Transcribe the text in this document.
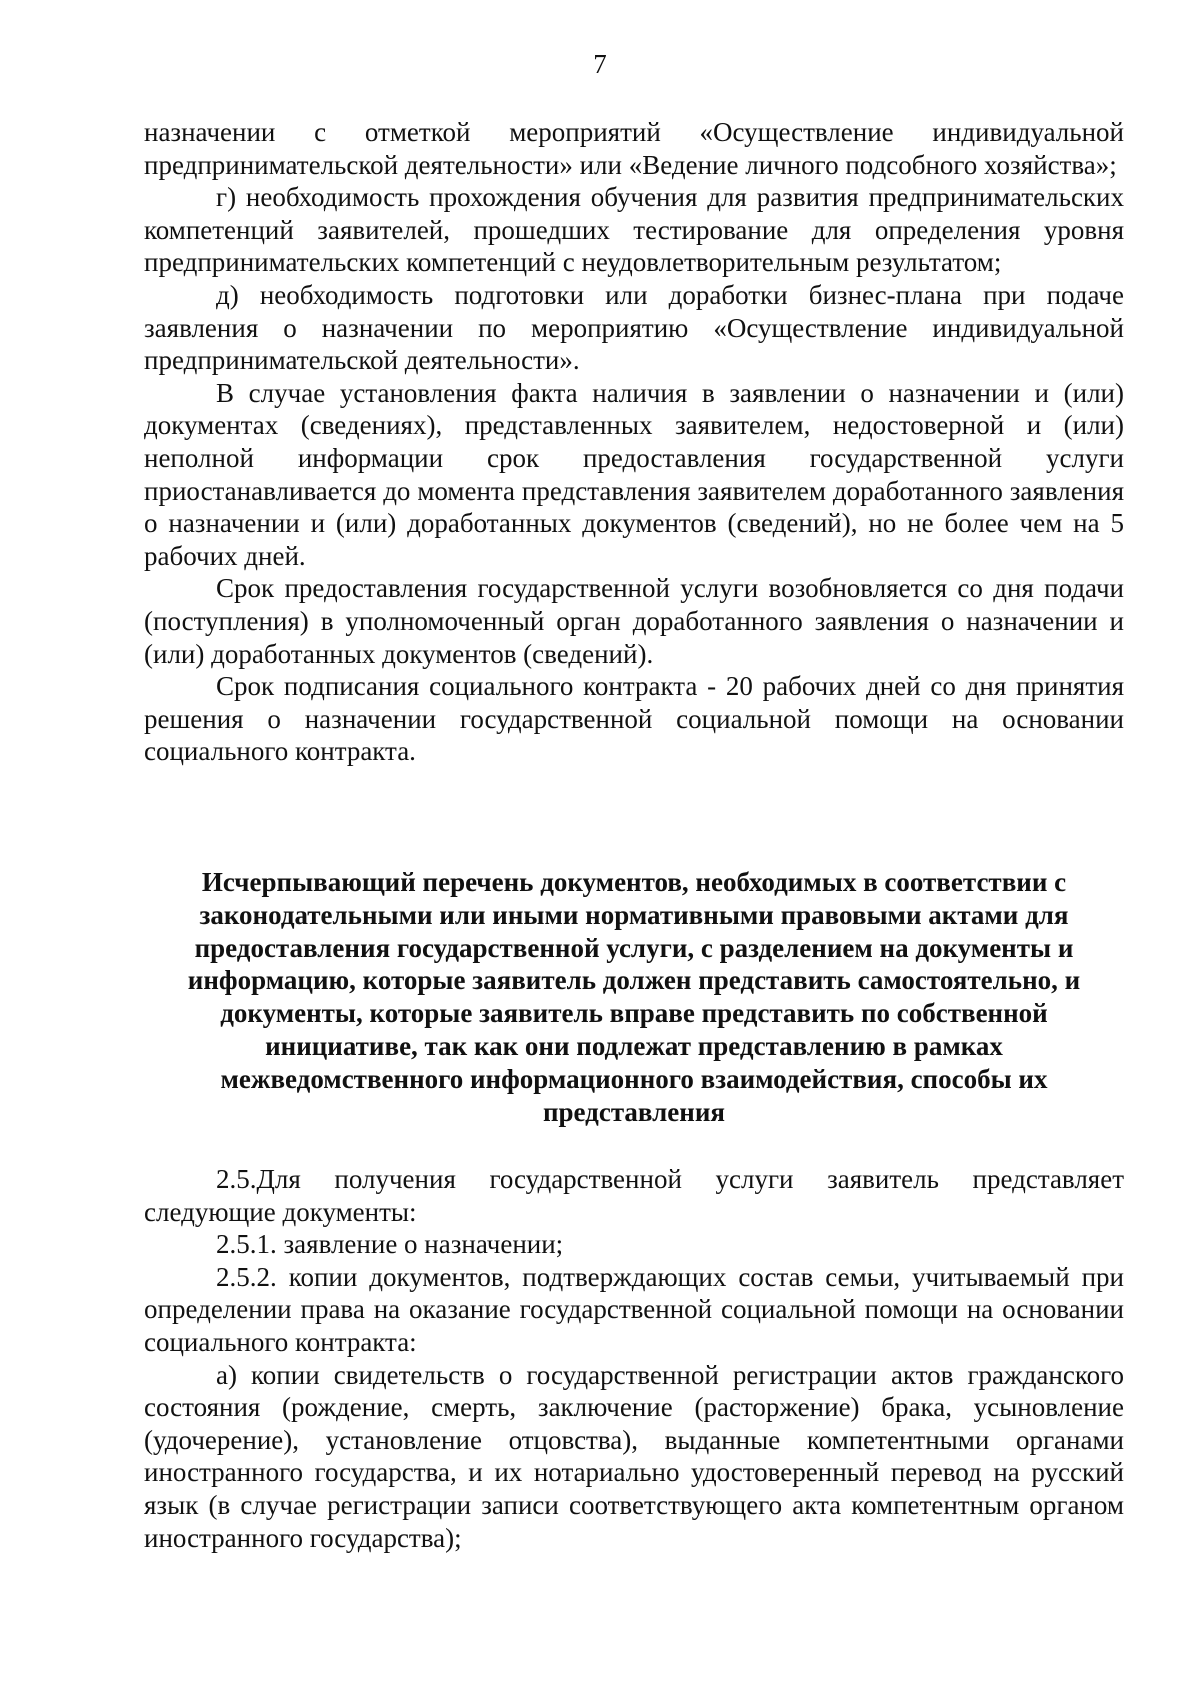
7

назначении с отметкой мероприятий «Осуществление индивидуальной предпринимательской деятельности» или «Ведение личного подсобного хозяйства»;

г) необходимость прохождения обучения для развития предпринимательских компетенций заявителей, прошедших тестирование для определения уровня предпринимательских компетенций с неудовлетворительным результатом;

д) необходимость подготовки или доработки бизнес-плана при подаче заявления о назначении по мероприятию «Осуществление индивидуальной предпринимательской деятельности».

В случае установления факта наличия в заявлении о назначении и (или) документах (сведениях), представленных заявителем, недостоверной и (или) неполной информации срок предоставления государственной услуги приостанавливается до момента представления заявителем доработанного заявления о назначении и (или) доработанных документов (сведений), но не более чем на 5 рабочих дней.

Срок предоставления государственной услуги возобновляется со дня подачи (поступления) в уполномоченный орган доработанного заявления о назначении и (или) доработанных документов (сведений).

Срок подписания социального контракта - 20 рабочих дней со дня принятия решения о назначении государственной социальной помощи на основании социального контракта.

Исчерпывающий перечень документов, необходимых в соответствии с законодательными или иными нормативными правовыми актами для предоставления государственной услуги, с разделением на документы и информацию, которые заявитель должен представить самостоятельно, и документы, которые заявитель вправе представить по собственной инициативе, так как они подлежат представлению в рамках межведомственного информационного взаимодействия, способы их представления

2.5.Для получения государственной услуги заявитель представляет следующие документы:

2.5.1. заявление о назначении;

2.5.2. копии документов, подтверждающих состав семьи, учитываемый при определении права на оказание государственной социальной помощи на основании социального контракта:

а) копии свидетельств о государственной регистрации актов гражданского состояния (рождение, смерть, заключение (расторжение) брака, усыновление (удочерение), установление отцовства), выданные компетентными органами иностранного государства, и их нотариально удостоверенный перевод на русский язык (в случае регистрации записи соответствующего акта компетентным органом иностранного государства);
